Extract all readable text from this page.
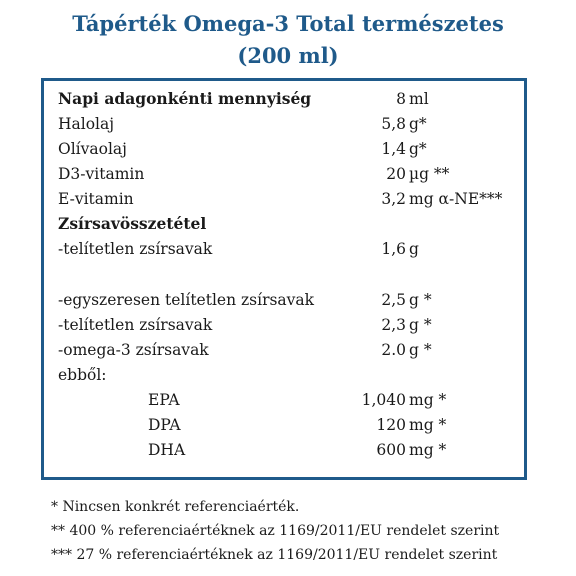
Tápérték Omega-3 Total természetes
(200 ml)
Napi adagonkénti mennyiség	8 ml
Halolaj	5,8 g*
Olívaolaj	1,4 g*
D3-vitamin	20 µg **
E-vitamin	3,2 mg α-NE***
Zsírsavösszetétel
-telítetlen zsírsavak	1,6 g
-egyszeresen telítetlen zsírsavak	2,5 g *
-telítetlen zsírsavak	2,3 g *
-omega-3 zsírsavak	2.0 g *
ebből:
EPA	1,040 mg *
DPA	120 mg *
DHA	600 mg *
* Nincsen konkrét referenciaérték.
** 400 % referenciaértéknek az 1169/2011/EU rendelet szerint
*** 27 % referenciaértéknek az 1169/2011/EU rendelet szerint
